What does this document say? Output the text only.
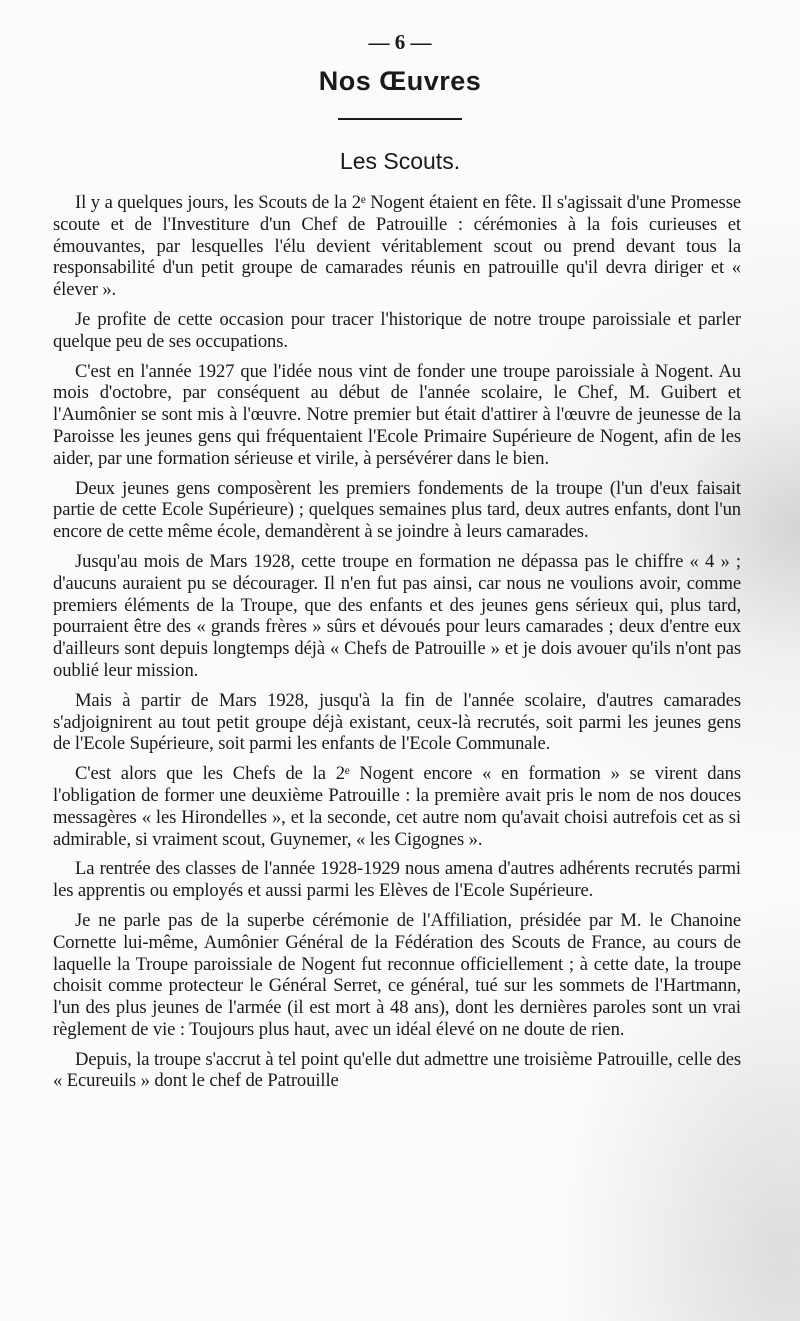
— 6 —
Nos Œuvres
Les Scouts.

Il y a quelques jours, les Scouts de la 2ᵉ Nogent étaient en fête. Il s'agissait d'une Promesse scoute et de l'Investiture d'un Chef de Patrouille : cérémonies à la fois curieuses et émouvantes, par lesquelles l'élu devient véritablement scout ou prend devant tous la responsabilité d'un petit groupe de camarades réunis en patrouille qu'il devra diriger et « élever ».

Je profite de cette occasion pour tracer l'historique de notre troupe paroissiale et parler quelque peu de ses occupations.

C'est en l'année 1927 que l'idée nous vint de fonder une troupe paroissiale à Nogent. Au mois d'octobre, par conséquent au début de l'année scolaire, le Chef, M. Guibert et l'Aumônier se sont mis à l'œuvre. Notre premier but était d'attirer à l'œuvre de jeunesse de la Paroisse les jeunes gens qui fréquentaient l'Ecole Primaire Supérieure de Nogent, afin de les aider, par une formation sérieuse et virile, à persévérer dans le bien.

Deux jeunes gens composèrent les premiers fondements de la troupe (l'un d'eux faisait partie de cette Ecole Supérieure) ; quelques semaines plus tard, deux autres enfants, dont l'un encore de cette même école, demandèrent à se joindre à leurs camarades.

Jusqu'au mois de Mars 1928, cette troupe en formation ne dépassa pas le chiffre « 4 » ; d'aucuns auraient pu se décourager. Il n'en fut pas ainsi, car nous ne voulions avoir, comme premiers éléments de la Troupe, que des enfants et des jeunes gens sérieux qui, plus tard, pourraient être des « grands frères » sûrs et dévoués pour leurs camarades ; deux d'entre eux d'ailleurs sont depuis longtemps déjà « Chefs de Patrouille » et je dois avouer qu'ils n'ont pas oublié leur mission.

Mais à partir de Mars 1928, jusqu'à la fin de l'année scolaire, d'autres camarades s'adjoignirent au tout petit groupe déjà existant, ceux-là recrutés, soit parmi les jeunes gens de l'Ecole Supérieure, soit parmi les enfants de l'Ecole Communale.

C'est alors que les Chefs de la 2ᵉ Nogent encore « en formation » se virent dans l'obligation de former une deuxième Patrouille : la première avait pris le nom de nos douces messagères « les Hirondelles », et la seconde, cet autre nom qu'avait choisi autrefois cet as si admirable, si vraiment scout, Guynemer, « les Cigognes ».

La rentrée des classes de l'année 1928-1929 nous amena d'autres adhérents recrutés parmi les apprentis ou employés et aussi parmi les Elèves de l'Ecole Supérieure.

Je ne parle pas de la superbe cérémonie de l'Affiliation, présidée par M. le Chanoine Cornette lui-même, Aumônier Général de la Fédération des Scouts de France, au cours de laquelle la Troupe paroissiale de Nogent fut reconnue officiellement ; à cette date, la troupe choisit comme protecteur le Général Serret, ce général, tué sur les sommets de l'Hartmann, l'un des plus jeunes de l'armée (il est mort à 48 ans), dont les dernières paroles sont un vrai règlement de vie : Toujours plus haut, avec un idéal élevé on ne doute de rien.

Depuis, la troupe s'accrut à tel point qu'elle dut admettre une troisième Patrouille, celle des « Ecureuils » dont le chef de Patrouille
